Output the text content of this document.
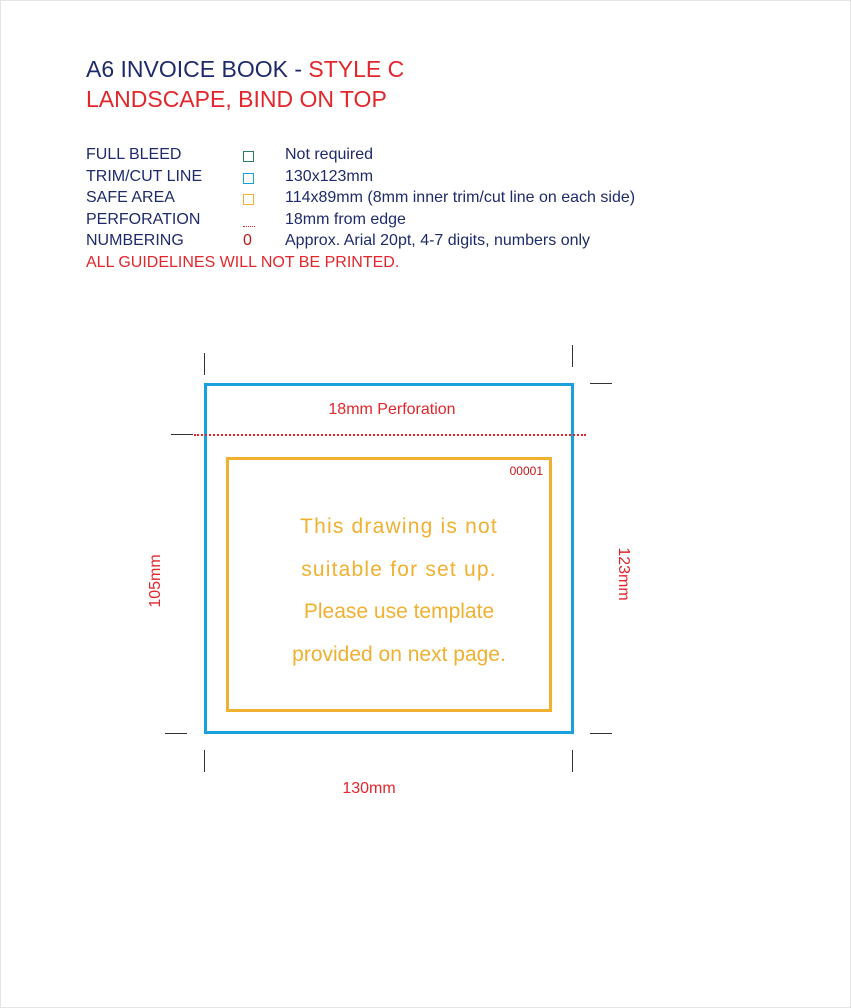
A6 INVOICE BOOK - STYLE C
LANDSCAPE, BIND ON TOP
FULL BLEED	Not required
TRIM/CUT LINE	130x123mm
SAFE AREA	114x89mm (8mm inner trim/cut line on each side)
PERFORATION	18mm from edge
NUMBERING	0 Approx. Arial 20pt, 4-7 digits, numbers only
ALL GUIDELINES WILL NOT BE PRINTED.
18mm Perforation
00001
This drawing is not
suitable for set up.
Please use template
provided on next page.
130mm
105mm	123mm
